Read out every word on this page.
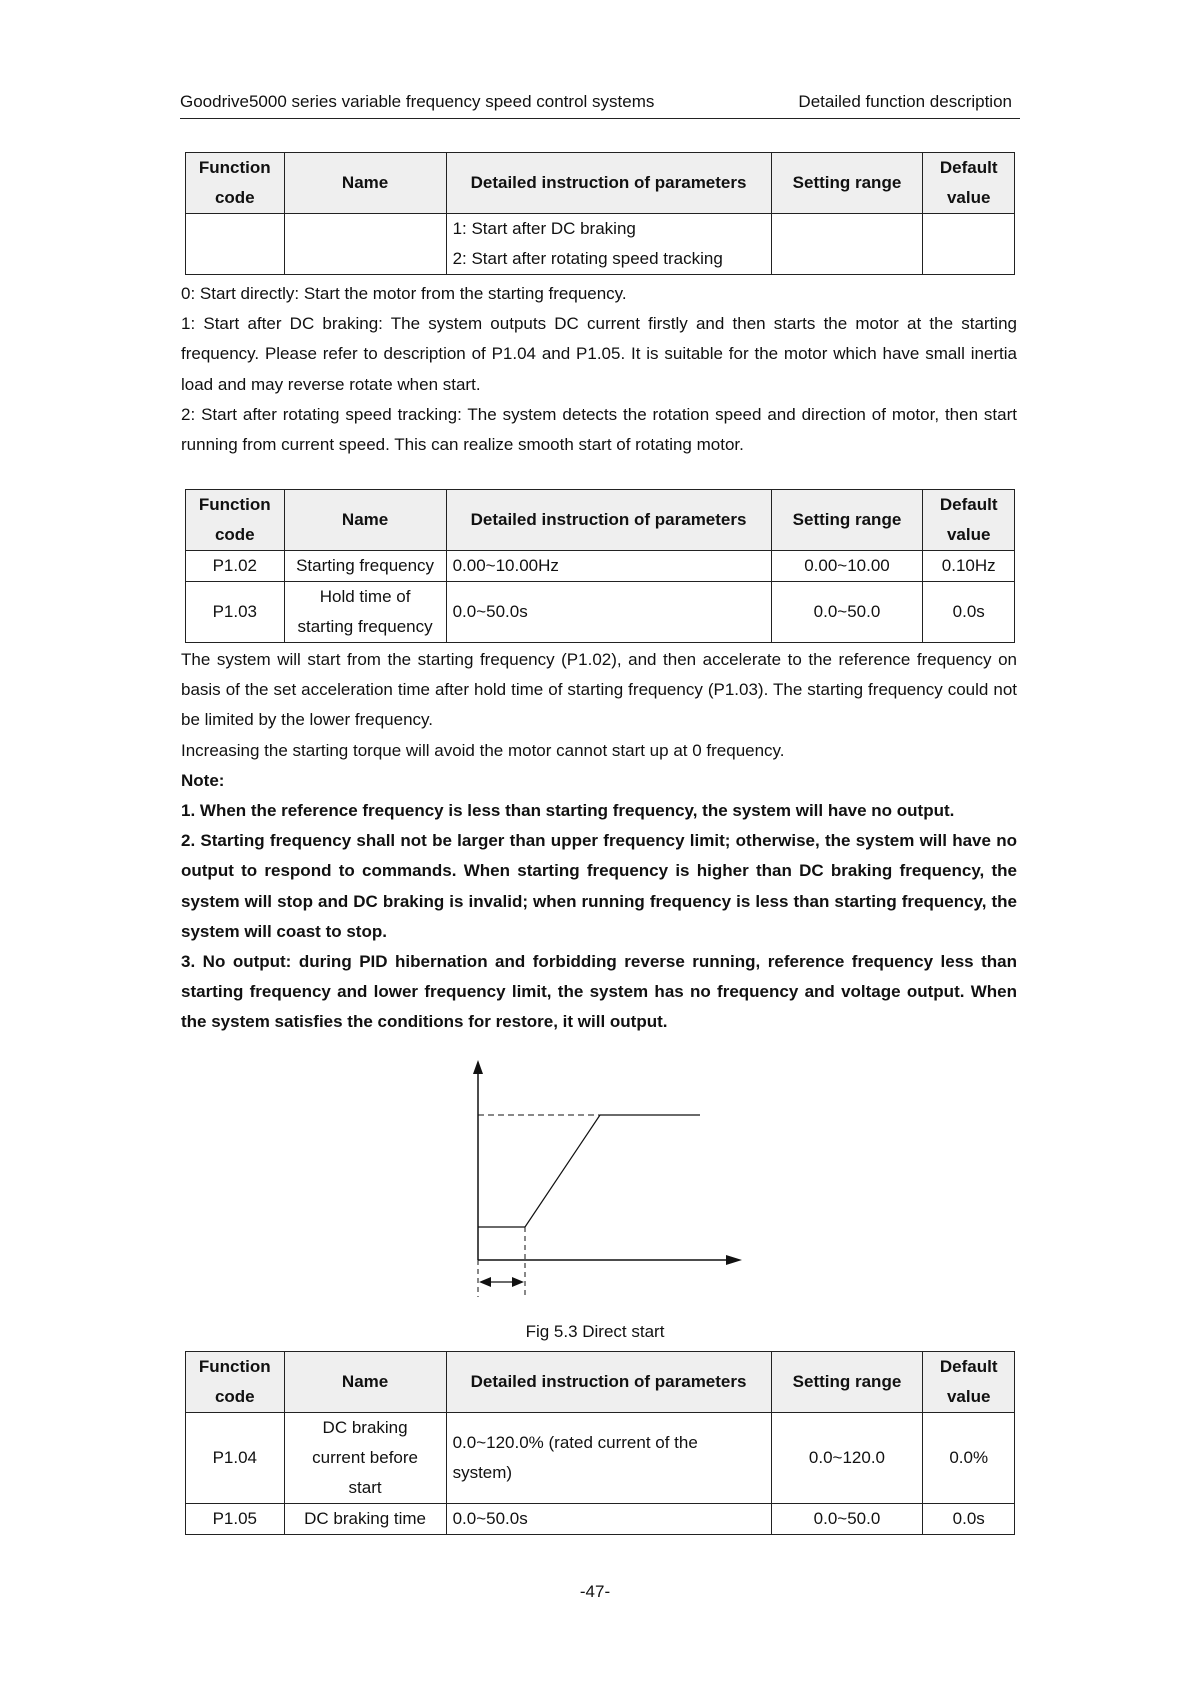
Goodrive5000 series variable frequency speed control systems	Detailed function description
Function
code	Name	Detailed instruction of parameters	Setting range	Default
value
		1: Start after DC braking
2: Start after rotating speed tracking		

0: Start directly: Start the motor from the starting frequency.

1: Start after DC braking: The system outputs DC current firstly and then starts the motor at the starting frequency. Please refer to description of P1.04 and P1.05. It is suitable for the motor which have small inertia load and may reverse rotate when start.

2: Start after rotating speed tracking: The system detects the rotation speed and direction of motor, then start running from current speed. This can realize smooth start of rotating motor.

Function
code	Name	Detailed instruction of parameters	Setting range	Default
value
P1.02	Starting frequency	0.00~10.00Hz	0.00~10.00	0.10Hz
P1.03	Hold time of
starting frequency	0.0~50.0s	0.0~50.0	0.0s

The system will start from the starting frequency (P1.02), and then accelerate to the reference frequency on basis of the set acceleration time after hold time of starting frequency (P1.03). The starting frequency could not be limited by the lower frequency.

Increasing the starting torque will avoid the motor cannot start up at 0 frequency.

Note:

1. When the reference frequency is less than starting frequency, the system will have no output.

2. Starting frequency shall not be larger than upper frequency limit; otherwise, the system will have no output to respond to commands. When starting frequency is higher than DC braking frequency, the system will stop and DC braking is invalid; when running frequency is less than starting frequency, the system will coast to stop.

3. No output: during PID hibernation and forbidding reverse running, reference frequency less than starting frequency and lower frequency limit, the system has no frequency and voltage output. When the system satisfies the conditions for restore, it will output.

Fig 5.3 Direct start
Function
code	Name	Detailed instruction of parameters	Setting range	Default
value
P1.04	DC braking
current before
start	0.0~120.0% (rated current of the
system)	0.0~120.0	0.0%
P1.05	DC braking time	0.0~50.0s	0.0~50.0	0.0s
-47-
